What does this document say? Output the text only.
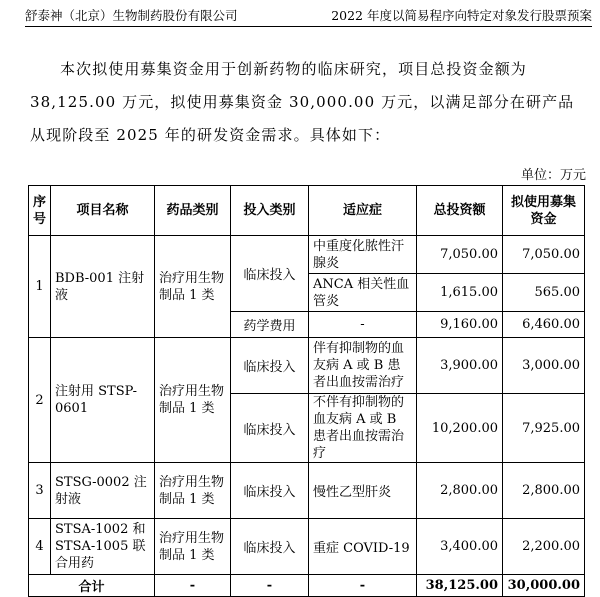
舒泰神（北京）生物制药股份有限公司	2022 年度以简易程序向特定对象发行股票预案

本次拟使用募集资金用于创新药物的临床研究，项目总投资金额为 38,125.00 万元，拟使用募集资金 30,000.00 万元，以满足部分在研产品从现阶段至 2025 年的研发资金需求。具体如下：

单位：万元
序号	项目名称	药品类别	投入类别	适应症	总投资额	拟使用募集资金
1	BDB-001 注射液	治疗用生物制品 1 类	临床投入	中重度化脓性汗腺炎	7,050.00	7,050.00
				ANCA 相关性血管炎	1,615.00	565.00
			药学费用	-	9,160.00	6,460.00
2	注射用 STSP-0601	治疗用生物制品 1 类	临床投入	伴有抑制物的血友病 A 或 B 患者出血按需治疗	3,900.00	3,000.00
			临床投入	不伴有抑制物的血友病 A 或 B 患者出血按需治疗	10,200.00	7,925.00
3	STSG-0002 注射液	治疗用生物制品 1 类	临床投入	慢性乙型肝炎	2,800.00	2,800.00
4	STSA-1002 和 STSA-1005 联合用药	治疗用生物制品 1 类	临床投入	重症 COVID-19	3,400.00	2,200.00
合计		-	-	-	38,125.00	30,000.00
